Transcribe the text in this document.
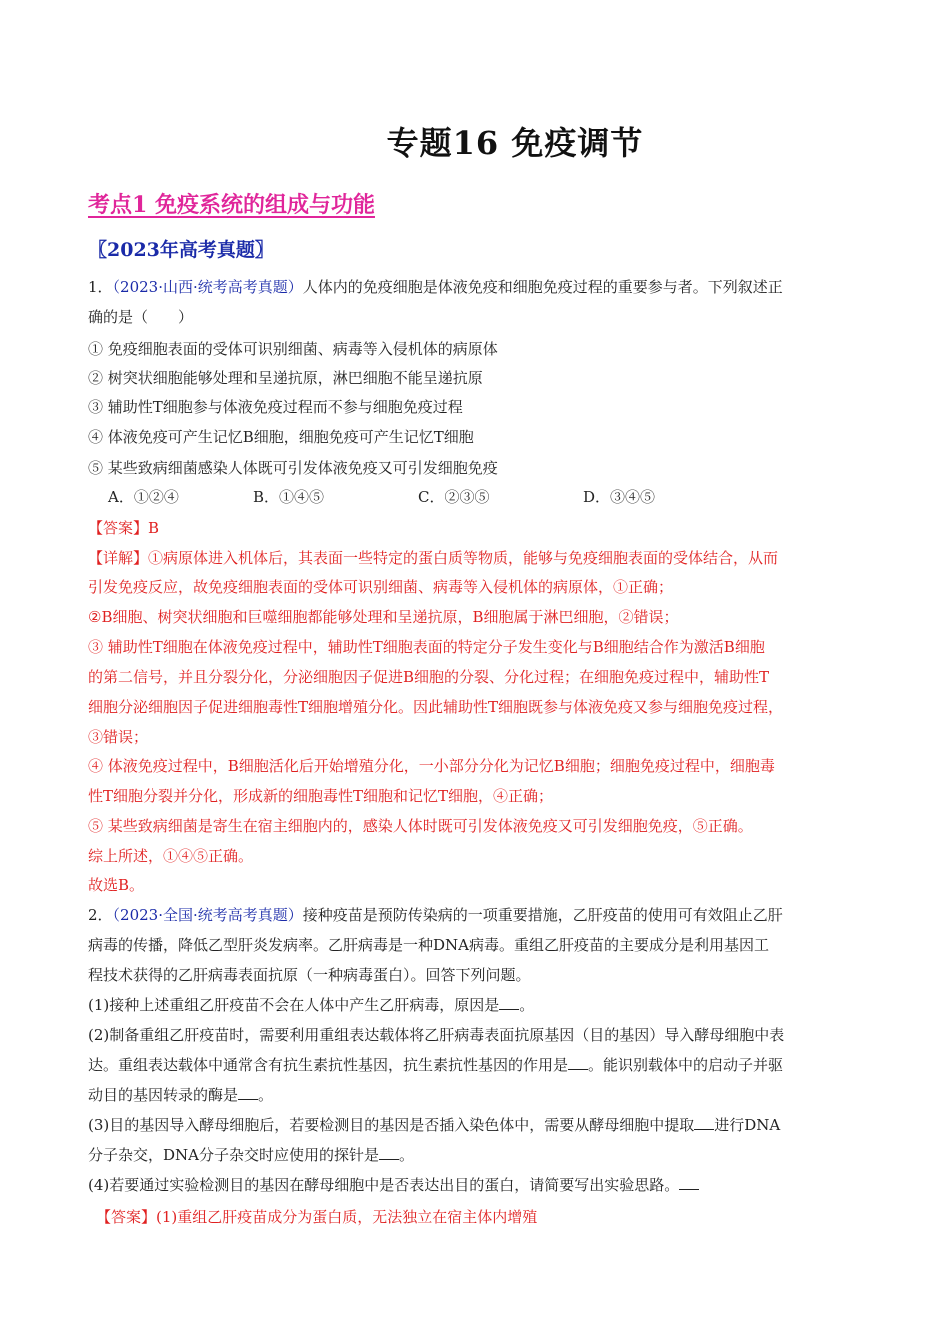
专题16 免疫调节
考点1 免疫系统的组成与功能
〖2023年高考真题〗
1．（2023·山西·统考高考真题）人体内的免疫细胞是体液免疫和细胞免疫过程的重要参与者。下列叙述正
确的是（　　）
① 免疫细胞表面的受体可识别细菌、病毒等入侵机体的病原体
② 树突状细胞能够处理和呈递抗原，淋巴细胞不能呈递抗原
③ 辅助性T细胞参与体液免疫过程而不参与细胞免疫过程
④ 体液免疫可产生记忆B细胞，细胞免疫可产生记忆T细胞
⑤ 某些致病细菌感染人体既可引发体液免疫又可引发细胞免疫
A．①②④	B．①④⑤	C．②③⑤	D．③④⑤
【答案】B
【详解】①病原体进入机体后，其表面一些特定的蛋白质等物质，能够与免疫细胞表面的受体结合，从而
引发免疫反应，故免疫细胞表面的受体可识别细菌、病毒等入侵机体的病原体，①正确；
②B细胞、树突状细胞和巨噬细胞都能够处理和呈递抗原，B细胞属于淋巴细胞，②错误；
③ 辅助性T细胞在体液免疫过程中，辅助性T细胞表面的特定分子发生变化与B细胞结合作为激活B细胞
的第二信号，并且分裂分化，分泌细胞因子促进B细胞的分裂、分化过程；在细胞免疫过程中，辅助性T
细胞分泌细胞因子促进细胞毒性T细胞增殖分化。因此辅助性T细胞既参与体液免疫又参与细胞免疫过程，
③错误；
④ 体液免疫过程中，B细胞活化后开始增殖分化，一小部分分化为记忆B细胞；细胞免疫过程中，细胞毒
性T细胞分裂并分化，形成新的细胞毒性T细胞和记忆T细胞，④正确；
⑤ 某些致病细菌是寄生在宿主细胞内的，感染人体时既可引发体液免疫又可引发细胞免疫，⑤正确。
综上所述，①④⑤正确。
故选B。
2．（2023·全国·统考高考真题）接种疫苗是预防传染病的一项重要措施，乙肝疫苗的使用可有效阻止乙肝
病毒的传播，降低乙型肝炎发病率。乙肝病毒是一种DNA病毒。重组乙肝疫苗的主要成分是利用基因工
程技术获得的乙肝病毒表面抗原（一种病毒蛋白）。回答下列问题。
(1)接种上述重组乙肝疫苗不会在人体中产生乙肝病毒，原因是 。
(2)制备重组乙肝疫苗时，需要利用重组表达载体将乙肝病毒表面抗原基因（目的基因）导入酵母细胞中表
达。重组表达载体中通常含有抗生素抗性基因，抗生素抗性基因的作用是 。能识别载体中的启动子并驱
动目的基因转录的酶是 。
(3)目的基因导入酵母细胞后，若要检测目的基因是否插入染色体中，需要从酵母细胞中提取 进行DNA
分子杂交，DNA分子杂交时应使用的探针是 。
(4)若要通过实验检测目的基因在酵母细胞中是否表达出目的蛋白，请简要写出实验思路。
【答案】(1)重组乙肝疫苗成分为蛋白质，无法独立在宿主体内增殖
